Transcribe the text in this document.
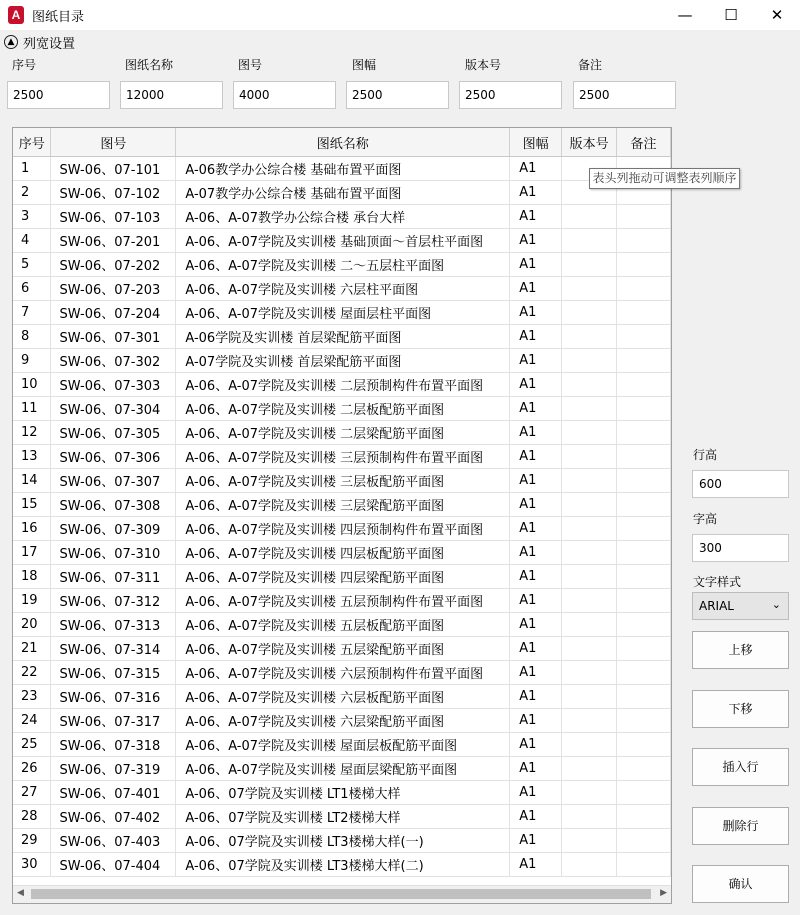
A 图纸目录	—	☐	✕
▲ 列宽设置
序号	图纸名称	图号	图幅	版本号	备注
2500	12000	4000	2500	2500	2500
序号	图号	图纸名称	图幅	版本号	备注
1	SW-06、07-101	A-06教学办公综合楼 基础布置平面图	A1		
2	SW-06、07-102	A-07教学办公综合楼 基础布置平面图	A1		
3	SW-06、07-103	A-06、A-07教学办公综合楼 承台大样	A1		
4	SW-06、07-201	A-06、A-07学院及实训楼 基础顶面～首层柱平面图	A1		
5	SW-06、07-202	A-06、A-07学院及实训楼 二～五层柱平面图	A1		
6	SW-06、07-203	A-06、A-07学院及实训楼 六层柱平面图	A1		
7	SW-06、07-204	A-06、A-07学院及实训楼 屋面层柱平面图	A1		
8	SW-06、07-301	A-06学院及实训楼 首层梁配筋平面图	A1		
9	SW-06、07-302	A-07学院及实训楼 首层梁配筋平面图	A1		
10	SW-06、07-303	A-06、A-07学院及实训楼 二层预制构件布置平面图	A1		
11	SW-06、07-304	A-06、A-07学院及实训楼 二层板配筋平面图	A1		
12	SW-06、07-305	A-06、A-07学院及实训楼 二层梁配筋平面图	A1		
13	SW-06、07-306	A-06、A-07学院及实训楼 三层预制构件布置平面图	A1		
14	SW-06、07-307	A-06、A-07学院及实训楼 三层板配筋平面图	A1		
15	SW-06、07-308	A-06、A-07学院及实训楼 三层梁配筋平面图	A1		
16	SW-06、07-309	A-06、A-07学院及实训楼 四层预制构件布置平面图	A1		
17	SW-06、07-310	A-06、A-07学院及实训楼 四层板配筋平面图	A1		
18	SW-06、07-311	A-06、A-07学院及实训楼 四层梁配筋平面图	A1		
19	SW-06、07-312	A-06、A-07学院及实训楼 五层预制构件布置平面图	A1		
20	SW-06、07-313	A-06、A-07学院及实训楼 五层板配筋平面图	A1		
21	SW-06、07-314	A-06、A-07学院及实训楼 五层梁配筋平面图	A1		
22	SW-06、07-315	A-06、A-07学院及实训楼 六层预制构件布置平面图	A1		
23	SW-06、07-316	A-06、A-07学院及实训楼 六层板配筋平面图	A1		
24	SW-06、07-317	A-06、A-07学院及实训楼 六层梁配筋平面图	A1		
25	SW-06、07-318	A-06、A-07学院及实训楼 屋面层板配筋平面图	A1		
26	SW-06、07-319	A-06、A-07学院及实训楼 屋面层梁配筋平面图	A1		
27	SW-06、07-401	A-06、07学院及实训楼 LT1楼梯大样	A1		
28	SW-06、07-402	A-06、07学院及实训楼 LT2楼梯大样	A1		
29	SW-06、07-403	A-06、07学院及实训楼 LT3楼梯大样(一)	A1		
30	SW-06、07-404	A-06、07学院及实训楼 LT3楼梯大样(二)	A1		
◀	▶
表头列拖动可调整表列顺序
行高
600
字高
300
文字样式
ARIAL	⌄
上移
下移
插入行
删除行
确认
